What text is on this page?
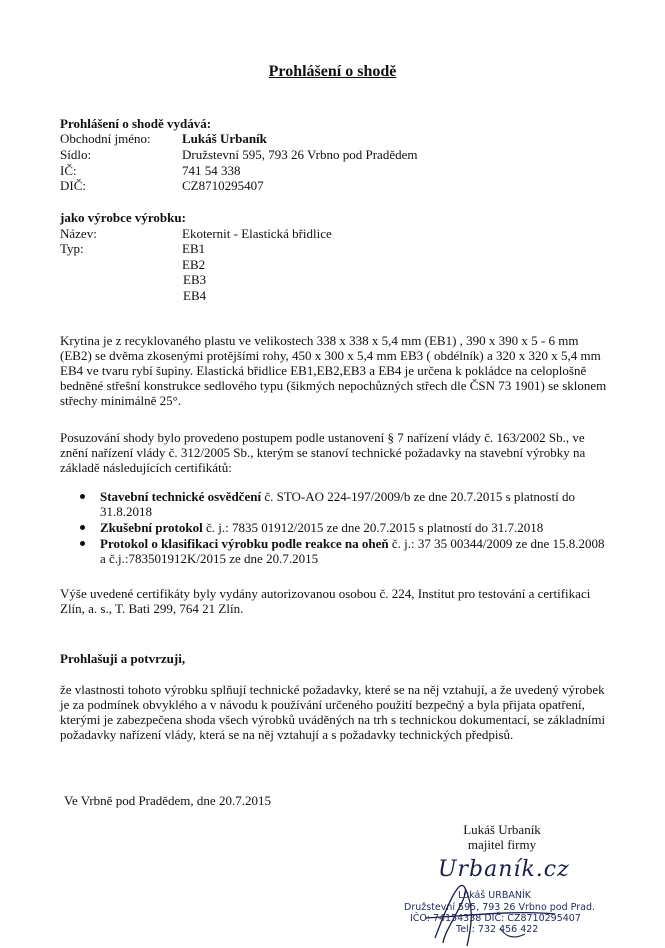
Prohlášení o shodě
Prohlášení o shodě vydává:
Obchodní jméno: Lukáš Urbaník
Sídlo:	Družstevní 595, 793 26 Vrbno pod Pradědem
IČ:	741 54 338
DIČ:	CZ8710295407
jako výrobce výrobku:
Název:	Ekoternit - Elastická břidlice
Typ:	EB1
EB2
EB3
EB4
Krytina je z recyklovaného plastu ve velikostech 338 x 338 x 5,4 mm (EB1) , 390 x 390 x 5 - 6 mm (EB2) se dvěma zkosenými protějšími rohy, 450 x 300 x 5,4 mm EB3 ( obdélník) a 320 x 320 x 5,4 mm EB4 ve tvaru rybí šupiny. Elastická břidlice EB1,EB2,EB3 a EB4 je určena k pokládce na celoplošně bedněné střešní konstrukce sedlového typu (šikmých nepochůzných střech dle ČSN 73 1901) se sklonem střechy minimálně 25°.
Posuzování shody bylo provedeno postupem podle ustanovení § 7 nařízení vlády č. 163/2002 Sb., ve znění nařízení vlády č. 312/2005 Sb., kterým se stanoví technické požadavky na stavební výrobky na základě následujících certifikátů:
Stavební technické osvědčení č. STO-AO 224-197/2009/b ze dne 20.7.2015 s platností do 31.8.2018
Zkušební protokol č. j.: 7835 01912/2015 ze dne 20.7.2015 s platností do 31.7.2018
Protokol o klasifikaci výrobku podle reakce na oheň č. j.: 37 35 00344/2009 ze dne 15.8.2008 a č.j.:783501912K/2015 ze dne 20.7.2015
Výše uvedené certifikáty byly vydány autorizovanou osobou č. 224, Institut pro testování a certifikaci Zlín, a. s., T. Bati 299, 764 21 Zlín.
Prohlašuji a potvrzuji,
že vlastnosti tohoto výrobku splňují technické požadavky, které se na něj vztahují, a že uvedený výrobek je za podmínek obvyklého a v návodu k používání určeného použití bezpečný a byla přijata opatření, kterými je zabezpečena shoda všech výrobků uváděných na trh s technickou dokumentací, se základními požadavky nařízení vlády, která se na něj vztahují a s požadavky technických předpisů.
Ve Vrbně pod Pradědem, dne 20.7.2015
Lukáš Urbaník
majitel firmy
Urbaník.cz
Lukáš URBANÍK
Družstevní 595, 793 26 Vrbno pod Prad.
IČO: 74154338 DIČ: CZ8710295407
Tel.: 732 456 422
